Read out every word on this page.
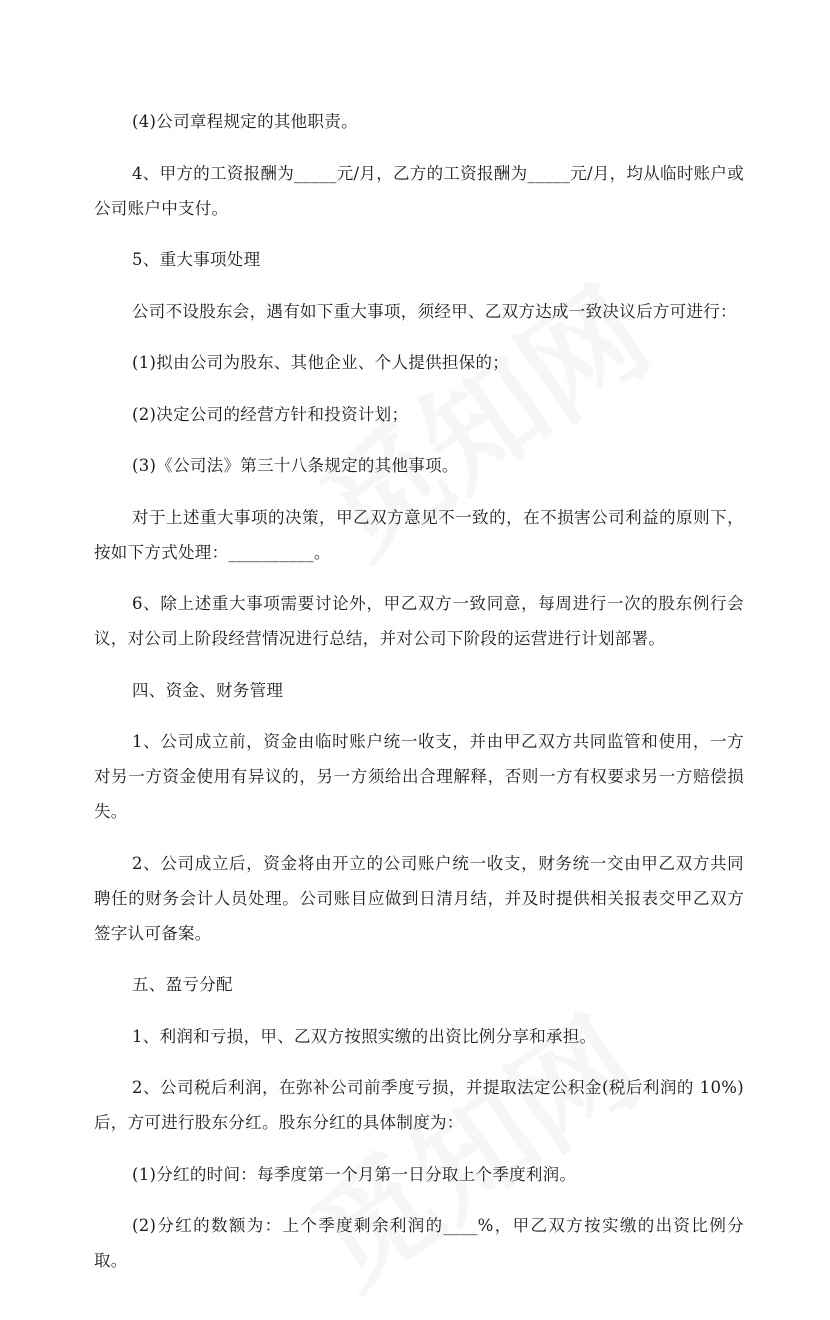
(4)公司章程规定的其他职责。

4、甲方的工资报酬为_____元/月，乙方的工资报酬为_____元/月，均从临时账户或公司账户中支付。

5、重大事项处理

公司不设股东会，遇有如下重大事项，须经甲、乙双方达成一致决议后方可进行：

(1)拟由公司为股东、其他企业、个人提供担保的；

(2)决定公司的经营方针和投资计划；

(3)《公司法》第三十八条规定的其他事项。

对于上述重大事项的决策，甲乙双方意见不一致的，在不损害公司利益的原则下，按如下方式处理：__________。

6、除上述重大事项需要讨论外，甲乙双方一致同意，每周进行一次的股东例行会议，对公司上阶段经营情况进行总结，并对公司下阶段的运营进行计划部署。

四、资金、财务管理

1、公司成立前，资金由临时账户统一收支，并由甲乙双方共同监管和使用，一方对另一方资金使用有异议的，另一方须给出合理解释，否则一方有权要求另一方赔偿损失。

2、公司成立后，资金将由开立的公司账户统一收支，财务统一交由甲乙双方共同聘任的财务会计人员处理。公司账目应做到日清月结，并及时提供相关报表交甲乙双方签字认可备案。

五、盈亏分配

1、利润和亏损，甲、乙双方按照实缴的出资比例分享和承担。

2、公司税后利润，在弥补公司前季度亏损，并提取法定公积金(税后利润的 10%)后，方可进行股东分红。股东分红的具体制度为：

(1)分红的时间：每季度第一个月第一日分取上个季度利润。

(2)分红的数额为：上个季度剩余利润的____%，甲乙双方按实缴的出资比例分取。
